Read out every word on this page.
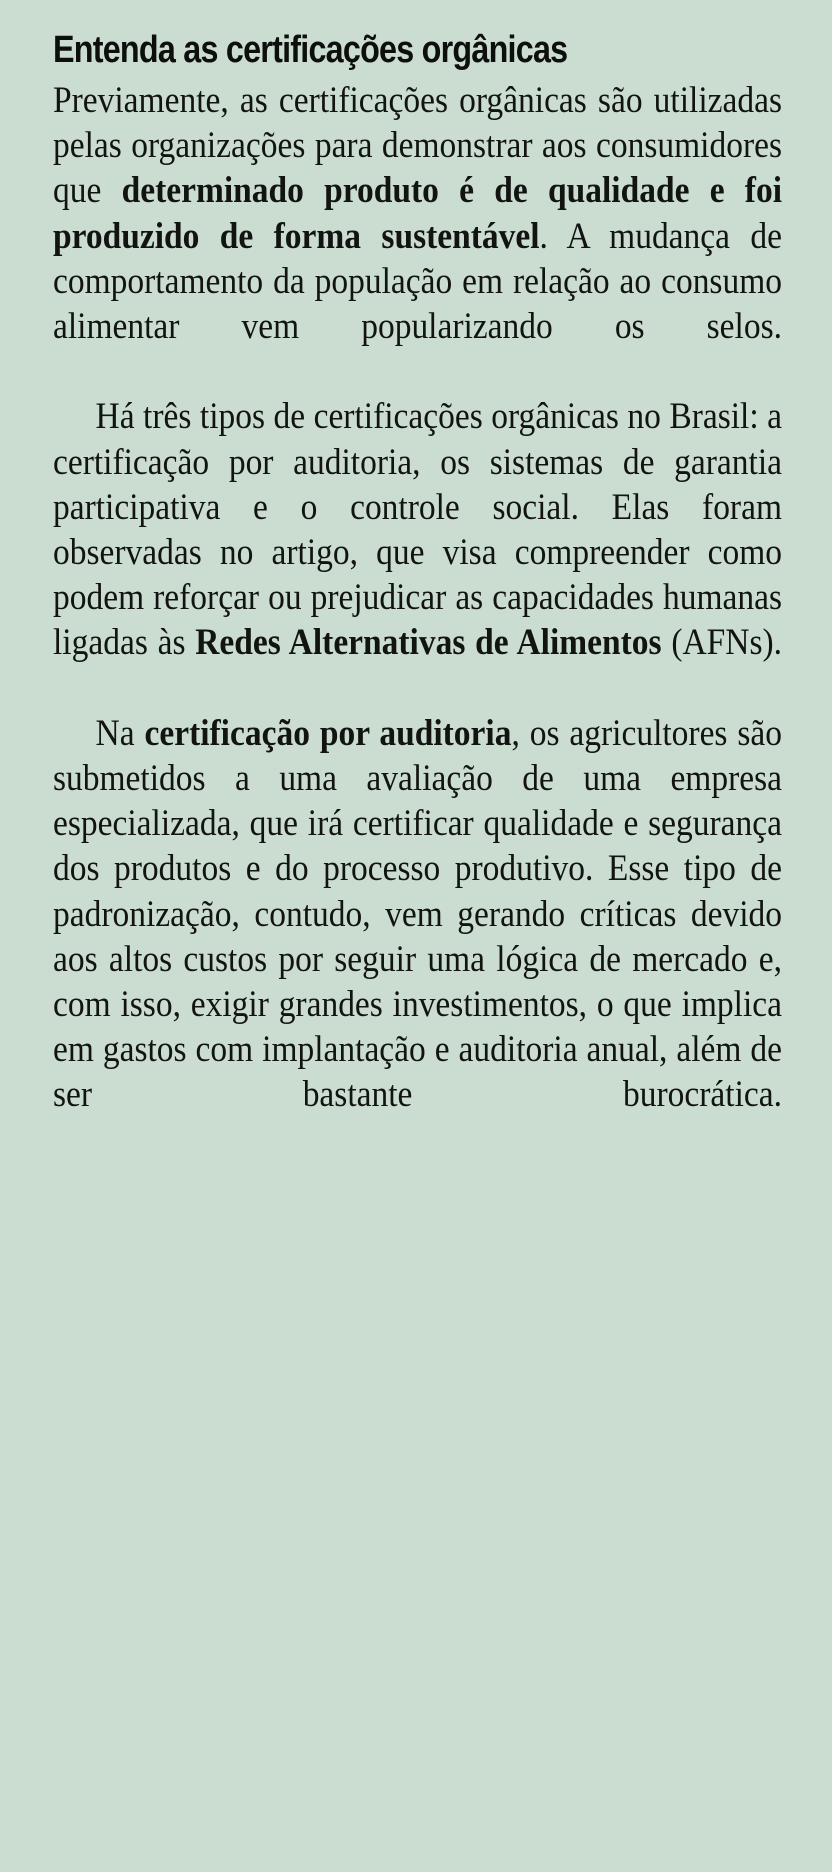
Entenda as certificações orgânicas

Previamente, as certificações orgânicas são utilizadas pelas organizações para demonstrar aos consumidores que determinado produto é de qualidade e foi produzido de forma sustentável. A mudança de comportamento da população em relação ao consumo alimentar vem popularizando os selos.

Há três tipos de certificações orgânicas no Brasil: a certificação por auditoria, os sistemas de garantia participativa e o controle social. Elas foram observadas no artigo, que visa compreender como podem reforçar ou prejudicar as capacidades humanas ligadas às Redes Alternativas de Alimentos (AFNs).

Na certificação por auditoria, os agricultores são submetidos a uma avaliação de uma empresa especializada, que irá certificar qualidade e segurança dos produtos e do processo produtivo. Esse tipo de padronização, contudo, vem gerando críticas devido aos altos custos por seguir uma lógica de mercado e, com isso, exigir grandes investimentos, o que implica em gastos com implantação e auditoria anual, além de ser bastante burocrática.
